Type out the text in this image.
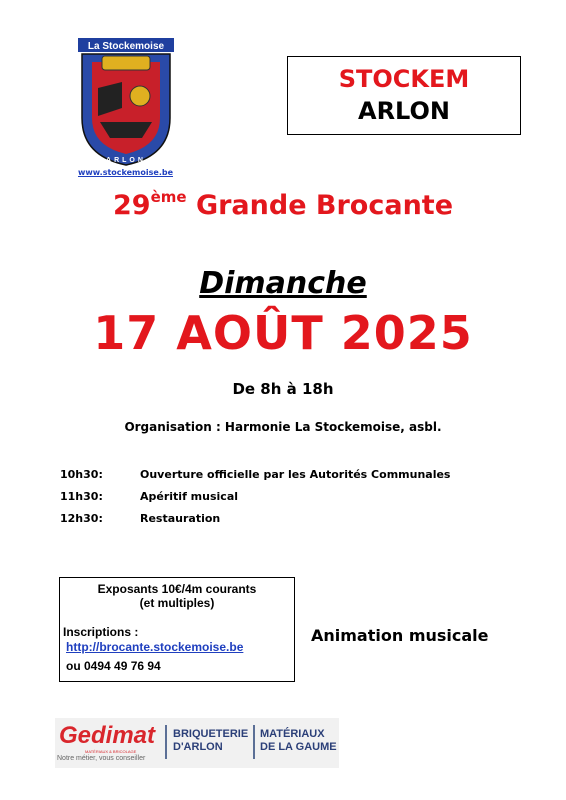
La Stockemoise
ARLON
www.stockemoise.be
STOCKEM
ARLON
29ème Grande Brocante
Dimanche
17 AOÛT 2025
De 8h à 18h
Organisation : Harmonie La Stockemoise, asbl.
10h30:	Ouverture officielle par les Autorités Communales
11h30:	Apéritif musical
12h30:	Restauration
Exposants 10€/4m courants
(et multiples)
Inscriptions :
http://brocante.stockemoise.be
ou 0494 49 76 94
Animation musicale
Gedimat
MATÉRIAUX & BRICOLAGE
Notre métier, vous conseiller
BRIQUETERIE
D'ARLON
MATÉRIAUX
DE LA GAUME
